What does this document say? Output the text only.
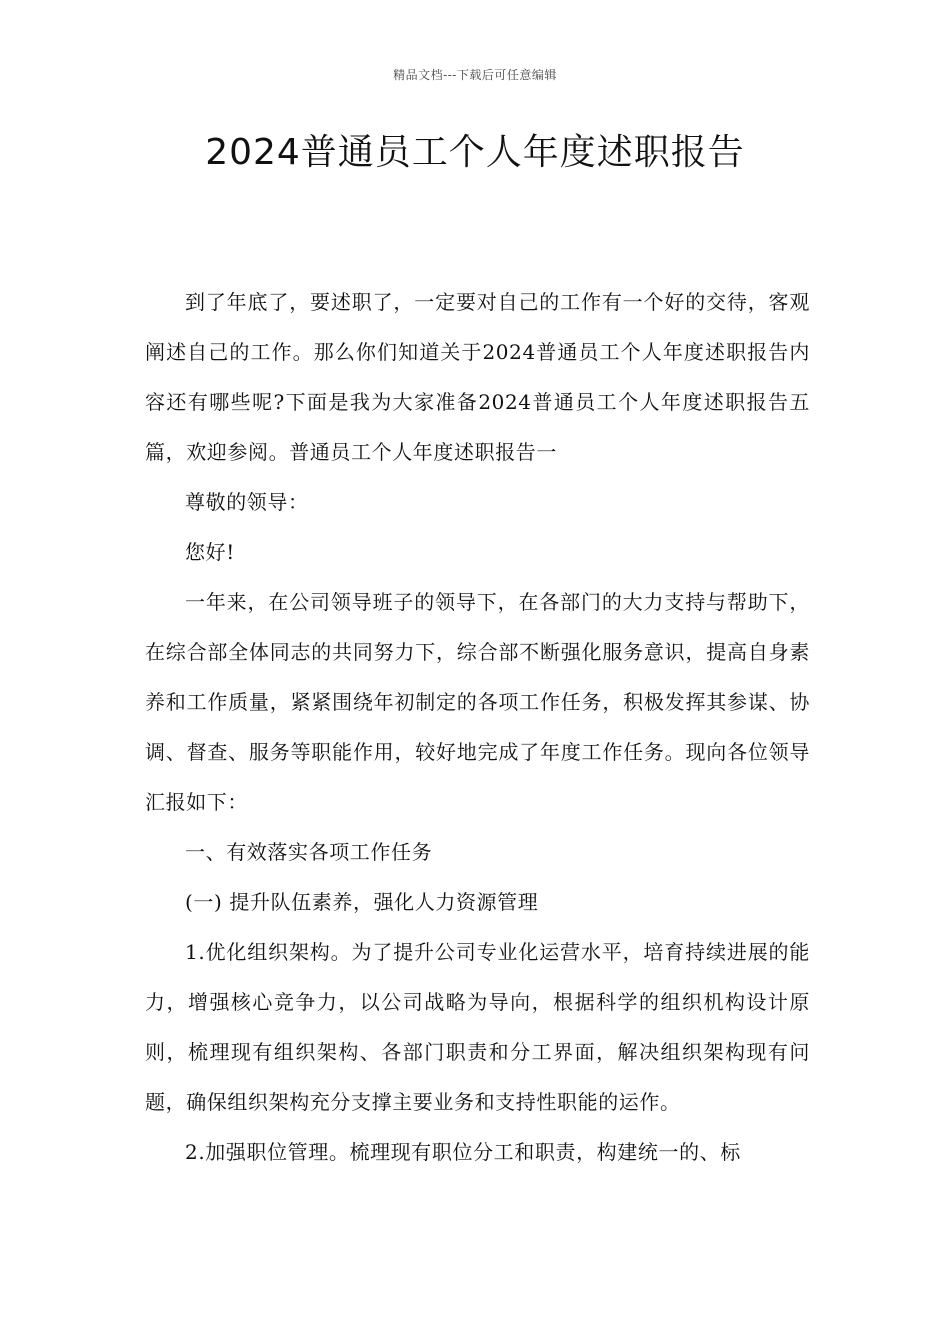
精品文档---下载后可任意编辑
2024普通员工个人年度述职报告

到了年底了，要述职了，一定要对自己的工作有一个好的交待，客观阐述自己的工作。那么你们知道关于2024普通员工个人年度述职报告内容还有哪些呢?下面是我为大家准备2024普通员工个人年度述职报告五篇，欢迎参阅。普通员工个人年度述职报告一

尊敬的领导：

您好!

一年来，在公司领导班子的领导下，在各部门的大力支持与帮助下，在综合部全体同志的共同努力下，综合部不断强化服务意识，提高自身素养和工作质量，紧紧围绕年初制定的各项工作任务，积极发挥其参谋、协调、督查、服务等职能作用，较好地完成了年度工作任务。现向各位领导汇报如下：

一、有效落实各项工作任务

(一) 提升队伍素养，强化人力资源管理

1.优化组织架构。为了提升公司专业化运营水平，培育持续进展的能力，增强核心竞争力，以公司战略为导向，根据科学的组织机构设计原则，梳理现有组织架构、各部门职责和分工界面，解决组织架构现有问题，确保组织架构充分支撑主要业务和支持性职能的运作。

2.加强职位管理。梳理现有职位分工和职责，构建统一的、标
